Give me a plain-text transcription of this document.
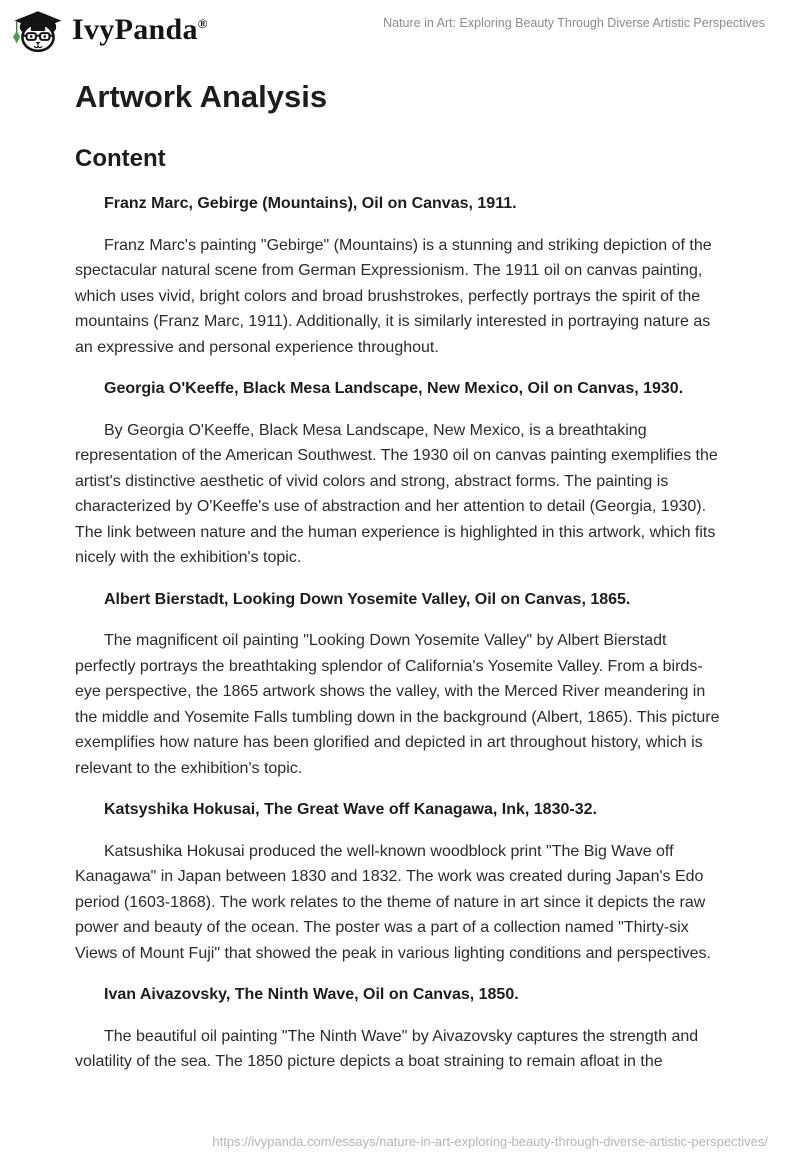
IvyPanda®	Nature in Art: Exploring Beauty Through Diverse Artistic Perspectives
Artwork Analysis
Content
Franz Marc, Gebirge (Mountains), Oil on Canvas, 1911.

Franz Marc's painting "Gebirge" (Mountains) is a stunning and striking depiction of the spectacular natural scene from German Expressionism. The 1911 oil on canvas painting, which uses vivid, bright colors and broad brushstrokes, perfectly portrays the spirit of the mountains (Franz Marc, 1911). Additionally, it is similarly interested in portraying nature as an expressive and personal experience throughout.

Georgia O'Keeffe, Black Mesa Landscape, New Mexico, Oil on Canvas, 1930.

By Georgia O'Keeffe, Black Mesa Landscape, New Mexico, is a breathtaking representation of the American Southwest. The 1930 oil on canvas painting exemplifies the artist's distinctive aesthetic of vivid colors and strong, abstract forms. The painting is characterized by O'Keeffe's use of abstraction and her attention to detail (Georgia, 1930). The link between nature and the human experience is highlighted in this artwork, which fits nicely with the exhibition's topic.

Albert Bierstadt, Looking Down Yosemite Valley, Oil on Canvas, 1865.

The magnificent oil painting "Looking Down Yosemite Valley" by Albert Bierstadt perfectly portrays the breathtaking splendor of California's Yosemite Valley. From a birds-eye perspective, the 1865 artwork shows the valley, with the Merced River meandering in the middle and Yosemite Falls tumbling down in the background (Albert, 1865). This picture exemplifies how nature has been glorified and depicted in art throughout history, which is relevant to the exhibition's topic.

Katsyshika Hokusai, The Great Wave off Kanagawa, Ink, 1830-32.

Katsushika Hokusai produced the well-known woodblock print "The Big Wave off Kanagawa" in Japan between 1830 and 1832. The work was created during Japan's Edo period (1603-1868). The work relates to the theme of nature in art since it depicts the raw power and beauty of the ocean. The poster was a part of a collection named "Thirty-six Views of Mount Fuji" that showed the peak in various lighting conditions and perspectives.

Ivan Aivazovsky, The Ninth Wave, Oil on Canvas, 1850.

The beautiful oil painting "The Ninth Wave" by Aivazovsky captures the strength and volatility of the sea. The 1850 picture depicts a boat straining to remain afloat in the

https://ivypanda.com/essays/nature-in-art-exploring-beauty-through-diverse-artistic-perspectives/
